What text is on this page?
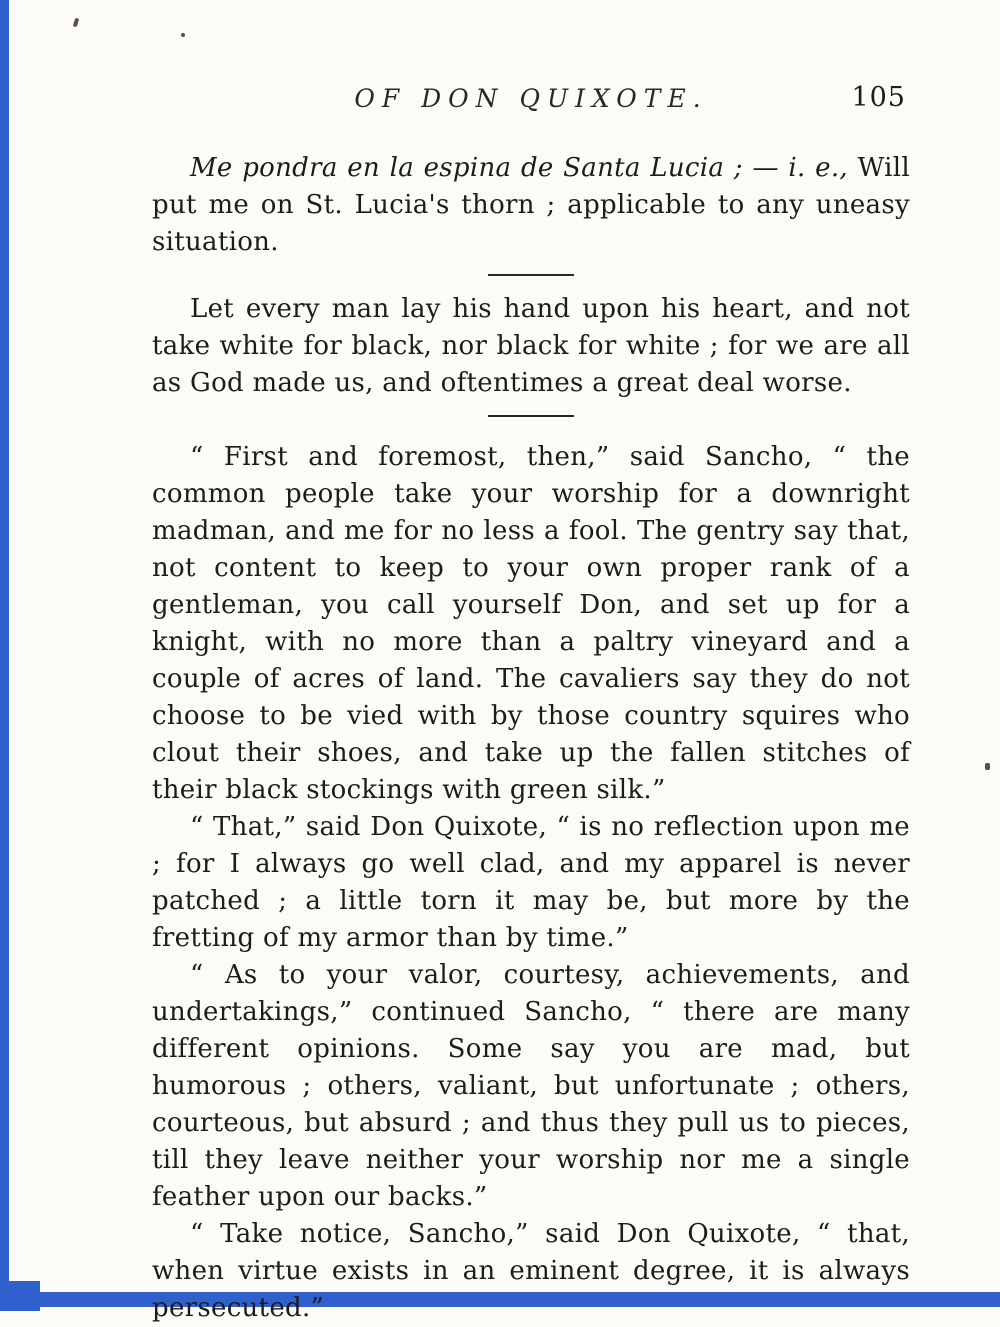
OF DON QUIXOTE.	105

Me pondra en la espina de Santa Lucia ; — i. e., Will put me on St. Lucia's thorn ; applicable to any uneasy situation.

Let every man lay his hand upon his heart, and not take white for black, nor black for white ; for we are all as God made us, and oftentimes a great deal worse.

“ First and foremost, then,” said Sancho, “ the common people take your worship for a downright madman, and me for no less a fool. The gentry say that, not content to keep to your own proper rank of a gentleman, you call yourself Don, and set up for a knight, with no more than a paltry vineyard and a couple of acres of land. The cavaliers say they do not choose to be vied with by those country squires who clout their shoes, and take up the fallen stitches of their black stockings with green silk.”

“ That,” said Don Quixote, “ is no reflection upon me ; for I always go well clad, and my apparel is never patched ; a little torn it may be, but more by the fretting of my armor than by time.”

“ As to your valor, courtesy, achievements, and undertakings,” continued Sancho, “ there are many different opinions. Some say you are mad, but humorous ; others, valiant, but unfortunate ; others, courteous, but absurd ; and thus they pull us to pieces, till they leave neither your worship nor me a single feather upon our backs.”

“ Take notice, Sancho,” said Don Quixote, “ that, when virtue exists in an eminent degree, it is always persecuted.”
